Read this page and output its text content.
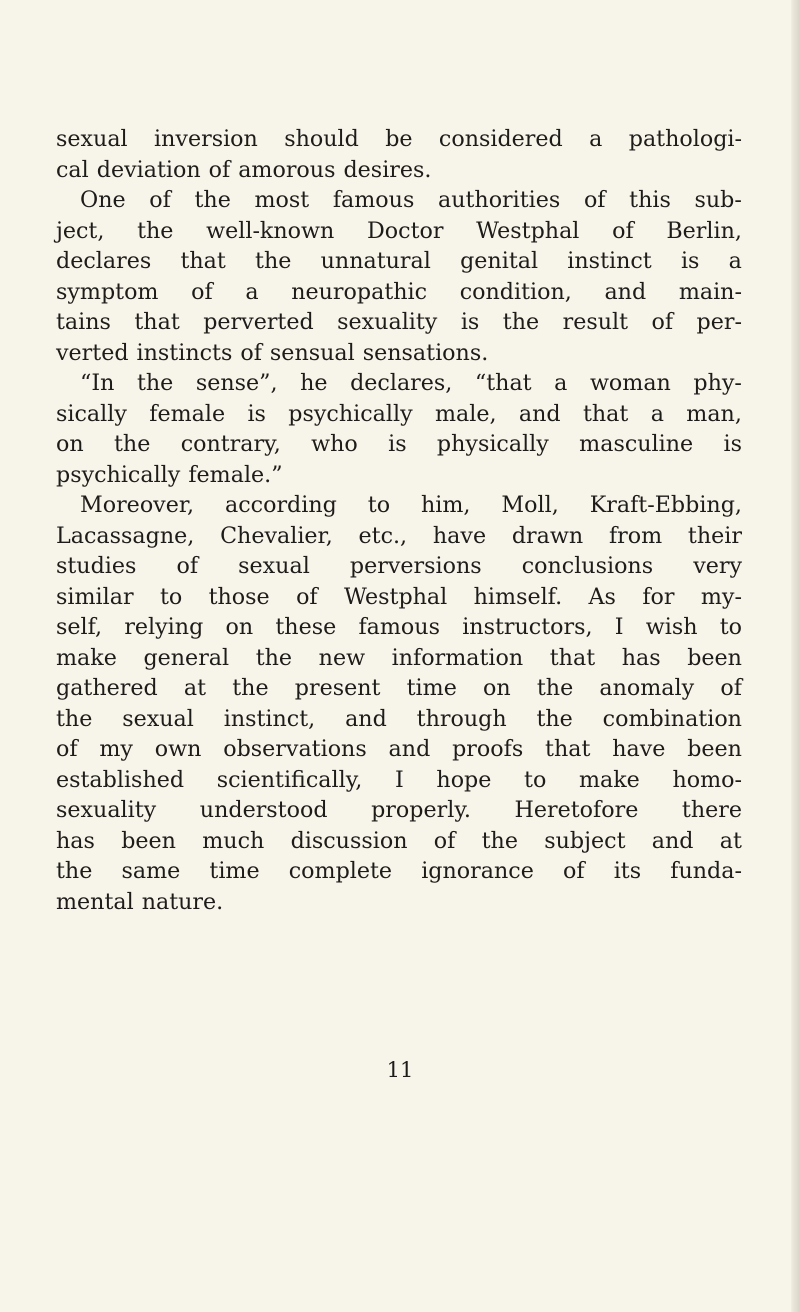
sexual inversion should be considered a pathologi-
cal deviation of amorous desires.
One of the most famous authorities of this sub-
ject, the well-known Doctor Westphal of Berlin,
declares that the unnatural genital instinct is a
symptom of a neuropathic condition, and main-
tains that perverted sexuality is the result of per-
verted instincts of sensual sensations.
“In the sense”, he declares, “that a woman phy-
sically female is psychically male, and that a man,
on the contrary, who is physically masculine is
psychically female.”
Moreover, according to him, Moll, Kraft-Ebbing,
Lacassagne, Chevalier, etc., have drawn from their
studies of sexual perversions conclusions very
similar to those of Westphal himself. As for my-
self, relying on these famous instructors, I wish to
make general the new information that has been
gathered at the present time on the anomaly of
the sexual instinct, and through the combination
of my own observations and proofs that have been
established scientifically, I hope to make homo-
sexuality understood properly. Heretofore there
has been much discussion of the subject and at
the same time complete ignorance of its funda-
mental nature.
11
